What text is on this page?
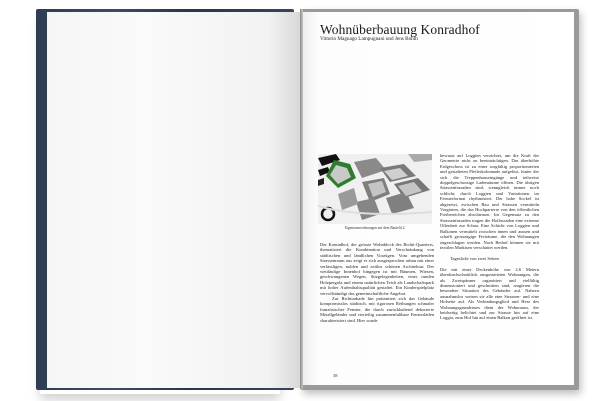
Wohnüberbauung Konradhof
Vittorio Magnago Lampugnani und Jens Bohm
Eigentumswohnungen auf dem Baufeld 2.

Der Konradhof, der grösste Wohnblock des Richti-Quartiers, thematisiert die Kombination und Verschränkung von städtischen und ländlichen Vorzügen. Vom umgebenden Strassenraum aus zeigt er sich ausgesprochen urban mit einer verlässligen, noblen und zeitlos schönen Architektur. Der weitläufige Innenhof hingegen ist mit Bäumen, Wiesen, geschwungenen Wegen, Sitzgelegenheiten, einer runden Holzpergola und einem natürlichen Teich als Landschaftspark mit hoher Aufenthaltsqualität gestaltet. Ein Kinderspielplatz vervollständigt das gemeinschaftliche Angebot.

Zur Richtiarkade hin präsentiert sich das Gebäude kompromisslos städtisch, mit rigorosen Reihungen schmaler französischer Fenster, die durch zurückhaltend dekorierte Metallgeländer und vierteilig zusammenfaltbare Fensterläden charakterisiert sind. Hier wurde

bewusst auf Loggien verzichtet, um die Kraft der Geometrie nicht zu beeinträchtigen. Das überhöhte Erdgeschoss ist zu einer sorgfältig proportionierten und gestalteten Pfeilerkolonnade aufgelöst, hinter der sich die Treppenhauseingänge und teilweise doppelgeschossige Ladenräume öffnen. Die übrigen Strassenfassaden sind, wenngleich immer noch schlicht, durch Loggien und Variationen im Fensterformat rhythmisiert. Der hohe Sockel ist abgesetzt, zwischen Bau und Strassen vermitteln Vorgärten, die das Hochparterre von den öffentlichen Freibereichen abschirmen. Im Gegensatz zu den Strassenfassaden tragen die Hoffassaden eine extreme Offenheit zur Schau. Eine Schicht von Loggien und Balkonen vermittelt zwischen innen und aussen und schafft grosszügige Freiräume, die den Wohnungen zugeschlagen werden. Nach Bedarf können sie mit textilen Markisen verschattet werden.

Tageslicht von zwei Seiten

Die mit einer Deckenhöhe von 2,6 Metern überdurchschnittlich ausgestatteten Wohnungen, die als Zweispänner organisiert und vielfältig dimensioniert und geschnitten sind, reagieren die besondere Situation des Gebäudes auf. Nahezu ausnahmslos weisen sie alle eine Strassen- und eine Hofseite auf. Als Verbindungsglied und Herz des Wohnungsgrundrisses dient der Wohnraum, der beidseitig belichtet und zur Strasse hin auf eine Loggia, zum Hof hin auf einen Balkon geöffnet ist.

38
